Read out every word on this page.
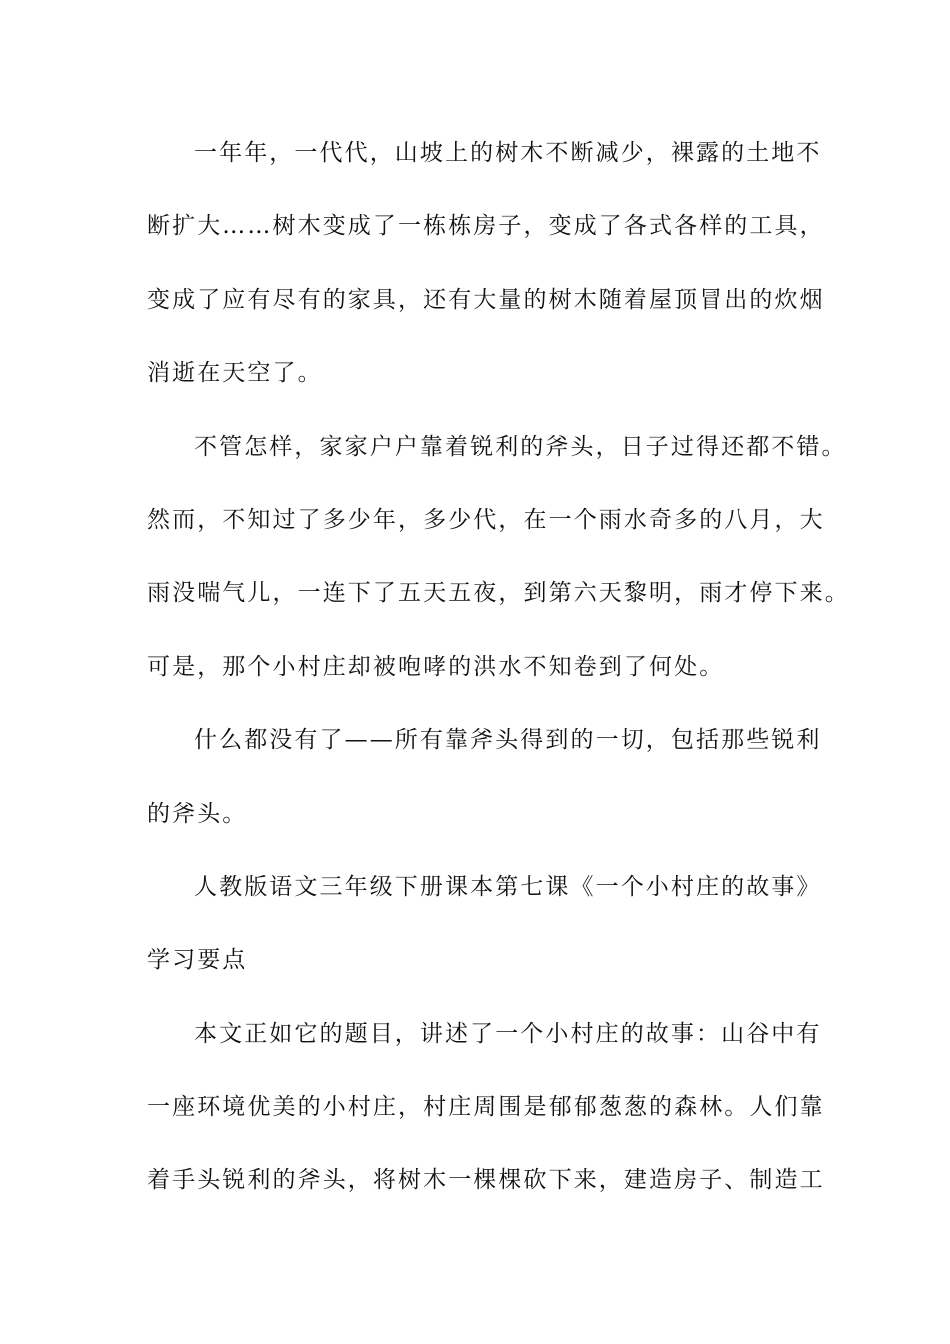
一年年，一代代，山坡上的树木不断减少，裸露的土地不
断扩大……树木变成了一栋栋房子，变成了各式各样的工具，
变成了应有尽有的家具，还有大量的树木随着屋顶冒出的炊烟
消逝在天空了。
不管怎样，家家户户靠着锐利的斧头，日子过得还都不错。
然而，不知过了多少年，多少代，在一个雨水奇多的八月，大
雨没喘气儿，一连下了五天五夜，到第六天黎明，雨才停下来。
可是，那个小村庄却被咆哮的洪水不知卷到了何处。
什么都没有了——所有靠斧头得到的一切，包括那些锐利
的斧头。
人教版语文三年级下册课本第七课《一个小村庄的故事》
学习要点
本文正如它的题目，讲述了一个小村庄的故事：山谷中有
一座环境优美的小村庄，村庄周围是郁郁葱葱的森林。人们靠
着手头锐利的斧头，将树木一棵棵砍下来，建造房子、制造工
